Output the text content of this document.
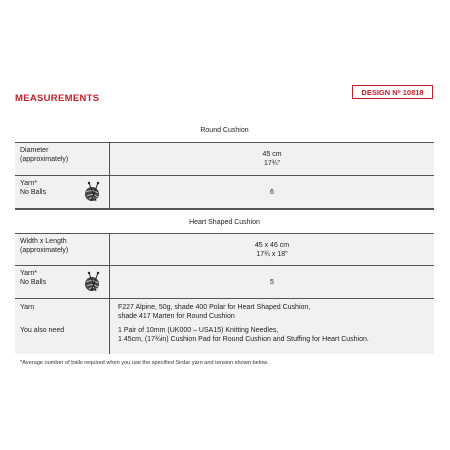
MEASUREMENTS
DESIGN N o 10818
Round Cushion
Diameter
(approximately)
45 cm
17¾"
Yarn*
No Balls	6
Heart Shaped Cushion
Width x Length
(approximately)
45 x 46 cm
17¾ x 18"
Yarn*
No Balls	5
Yarn
You also need
F227 Alpine, 50g, shade 400 Polar for Heart Shaped Cushion,
shade 417 Marten for Round Cushion
1 Pair of 10mm (UK000 – USA15) Knitting Needles,
1 45cm, (17¾in) Cushion Pad for Round Cushion and Stuffing for Heart Cushion.
*Average number of balls required when you use the specified Sirdar yarn and tension shown below.
